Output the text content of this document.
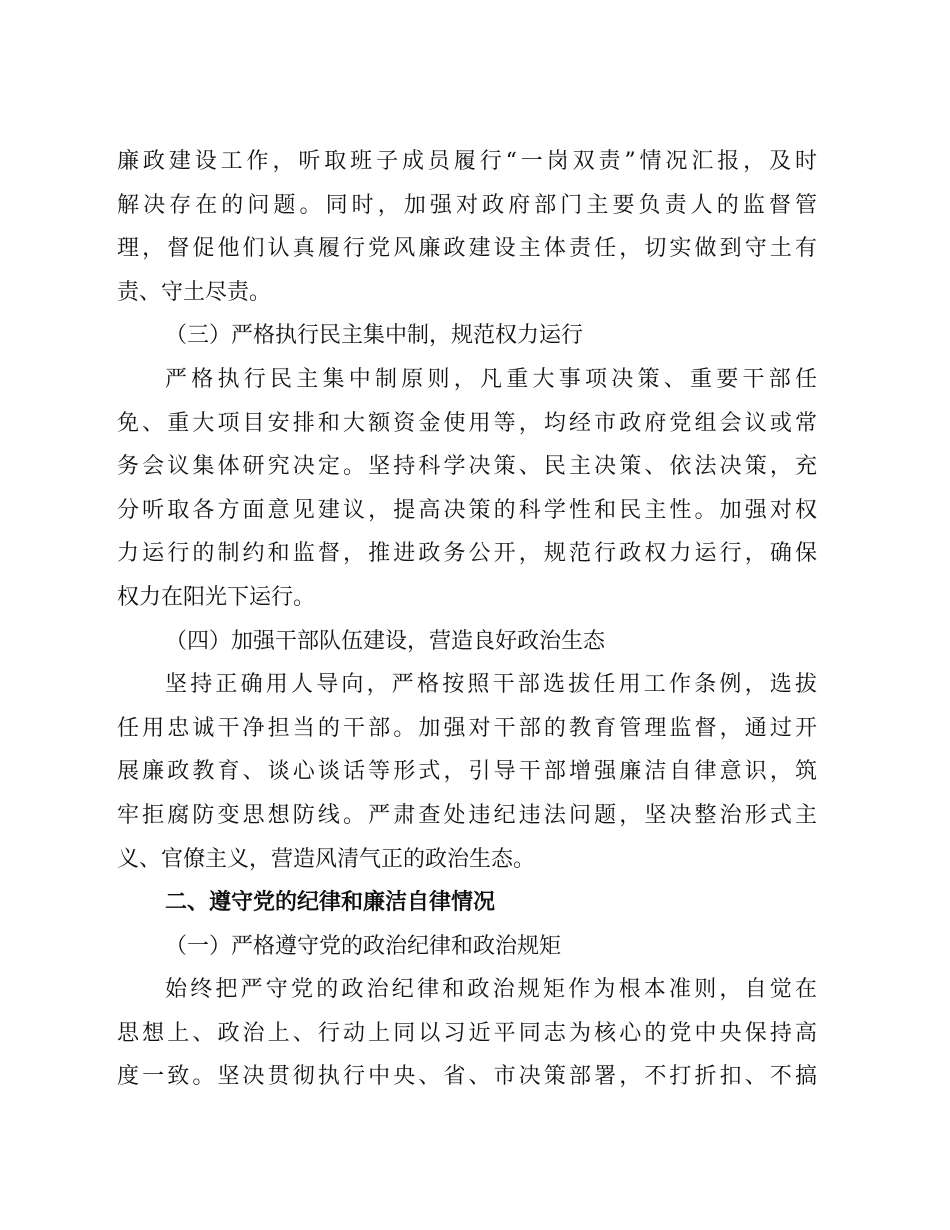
廉政建设工作，听取班子成员履行“一岗双责”情况汇报，及时
解决存在的问题。同时，加强对政府部门主要负责人的监督管
理，督促他们认真履行党风廉政建设主体责任，切实做到守土有
责、守土尽责。
（三）严格执行民主集中制，规范权力运行
严格执行民主集中制原则，凡重大事项决策、重要干部任
免、重大项目安排和大额资金使用等，均经市政府党组会议或常
务会议集体研究决定。坚持科学决策、民主决策、依法决策，充
分听取各方面意见建议，提高决策的科学性和民主性。加强对权
力运行的制约和监督，推进政务公开，规范行政权力运行，确保
权力在阳光下运行。
（四）加强干部队伍建设，营造良好政治生态
坚持正确用人导向，严格按照干部选拔任用工作条例，选拔
任用忠诚干净担当的干部。加强对干部的教育管理监督，通过开
展廉政教育、谈心谈话等形式，引导干部增强廉洁自律意识，筑
牢拒腐防变思想防线。严肃查处违纪违法问题，坚决整治形式主
义、官僚主义，营造风清气正的政治生态。
二、遵守党的纪律和廉洁自律情况
（一）严格遵守党的政治纪律和政治规矩
始终把严守党的政治纪律和政治规矩作为根本准则，自觉在
思想上、政治上、行动上同以习近平同志为核心的党中央保持高
度一致。坚决贯彻执行中央、省、市决策部署，不打折扣、不搞
